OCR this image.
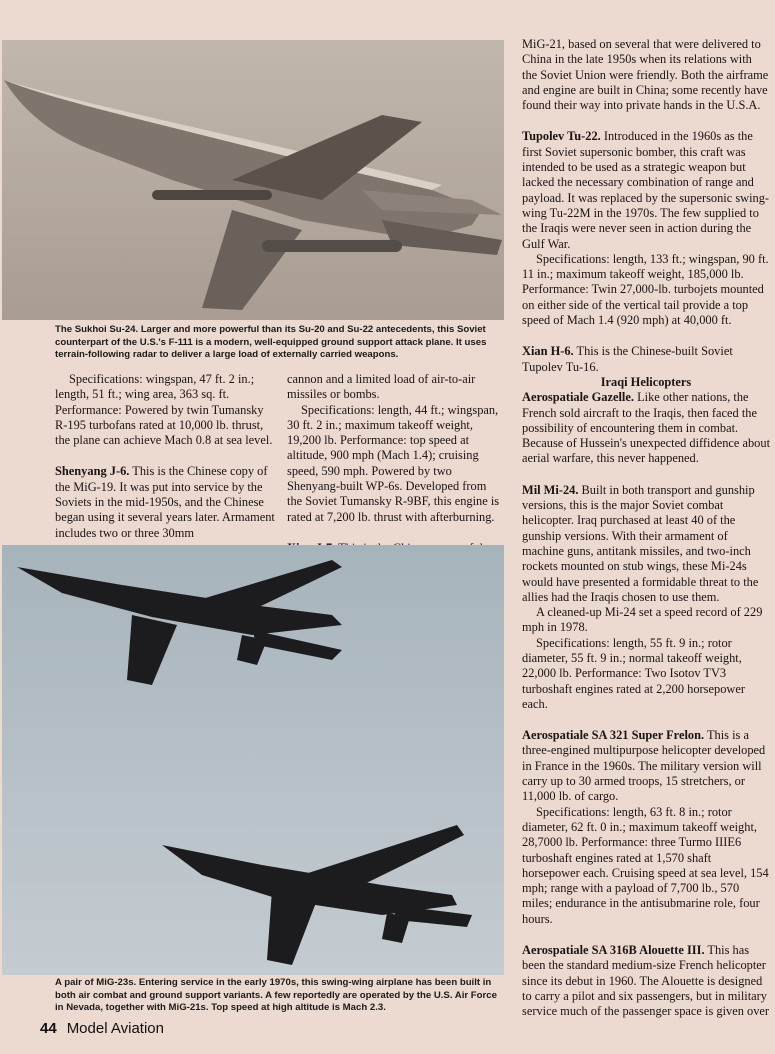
The Sukhoi Su-24. Larger and more powerful than its Su-20 and Su-22 antecedents, this Soviet counterpart of the U.S.'s F-111 is a modern, well-equipped ground support attack plane. It uses terrain-following radar to deliver a large load of externally carried weapons.

Specifications: wingspan, 47 ft. 2 in.; length, 51 ft.; wing area, 363 sq. ft. Performance: Powered by twin Tumansky R-195 turbofans rated at 10,000 lb. thrust, the plane can achieve Mach 0.8 at sea level.

Shenyang J-6. This is the Chinese copy of the MiG-19. It was put into service by the Soviets in the mid-1950s, and the Chinese began using it several years later. Armament includes two or three 30mm

cannon and a limited load of air-to-air missiles or bombs.

Specifications: length, 44 ft.; wingspan, 30 ft. 2 in.; maximum takeoff weight, 19,200 lb. Performance: top speed at altitude, 900 mph (Mach 1.4); cruising speed, 590 mph. Powered by two Shenyang-built WP-6s. Developed from the Soviet Tumansky R-9BF, this engine is rated at 7,200 lb. thrust with afterburning.

A pair of MiG-23s. Entering service in the early 1970s, this swing-wing airplane has been built in both air combat and ground support variants. A few reportedly are operated by the U.S. Air Force in Nevada, together with MiG-21s. Top speed at high altitude is Mach 2.3.

MiG-21, based on several that were delivered to China in the late 1950s when its relations with the Soviet Union were friendly. Both the airframe and engine are built in China; some recently have found their way into private hands in the U.S.A.

Tupolev Tu-22. Introduced in the 1960s as the first Soviet supersonic bomber, this craft was intended to be used as a strategic weapon but lacked the necessary combination of range and payload. It was replaced by the supersonic swing-wing Tu-22M in the 1970s. The few supplied to the Iraqis were never seen in action during the Gulf War.

Specifications: length, 133 ft.; wingspan, 90 ft. 11 in.; maximum takeoff weight, 185,000 lb. Performance: Twin 27,000-lb. turbojets mounted on either side of the vertical tail provide a top speed of Mach 1.4 (920 mph) at 40,000 ft.

Xian H-6. This is the Chinese-built Soviet Tupolev Tu-16.

Iraqi Helicopters

Aerospatiale Gazelle. Like other nations, the French sold aircraft to the Iraqis, then faced the possibility of encountering them in combat. Because of Hussein's unexpected diffidence about aerial warfare, this never happened.

Mil Mi-24. Built in both transport and gunship versions, this is the major Soviet combat helicopter. Iraq purchased at least 40 of the gunship versions. With their armament of machine guns, antitank missiles, and two-inch rockets mounted on stub wings, these Mi-24s would have presented a formidable threat to the allies had the Iraqis chosen to use them.

A cleaned-up Mi-24 set a speed record of 229 mph in 1978.

Specifications: length, 55 ft. 9 in.; rotor diameter, 55 ft. 9 in.; normal takeoff weight, 22,000 lb. Performance: Two Isotov TV3 turboshaft engines rated at 2,200 horsepower each.

Aerospatiale SA 321 Super Frelon. This is a three-engined multipurpose helicopter developed in France in the 1960s. The military version will carry up to 30 armed troops, 15 stretchers, or 11,000 lb. of cargo.

Specifications: length, 63 ft. 8 in.; rotor diameter, 62 ft. 0 in.; maximum takeoff weight, 28,7000 lb. Performance: three Turmo IIIE6 turboshaft engines rated at 1,570 shaft horsepower each. Cruising speed at sea level, 154 mph; range with a payload of 7,700 lb., 570 miles; endurance in the antisubmarine role, four hours.

Aerospatiale SA 316B Alouette III. This has been the standard medium-size French helicopter since its debut in 1960. The Alouette is designed to carry a pilot and six passengers, but in military service much of the passenger space is given over

44 Model Aviation
